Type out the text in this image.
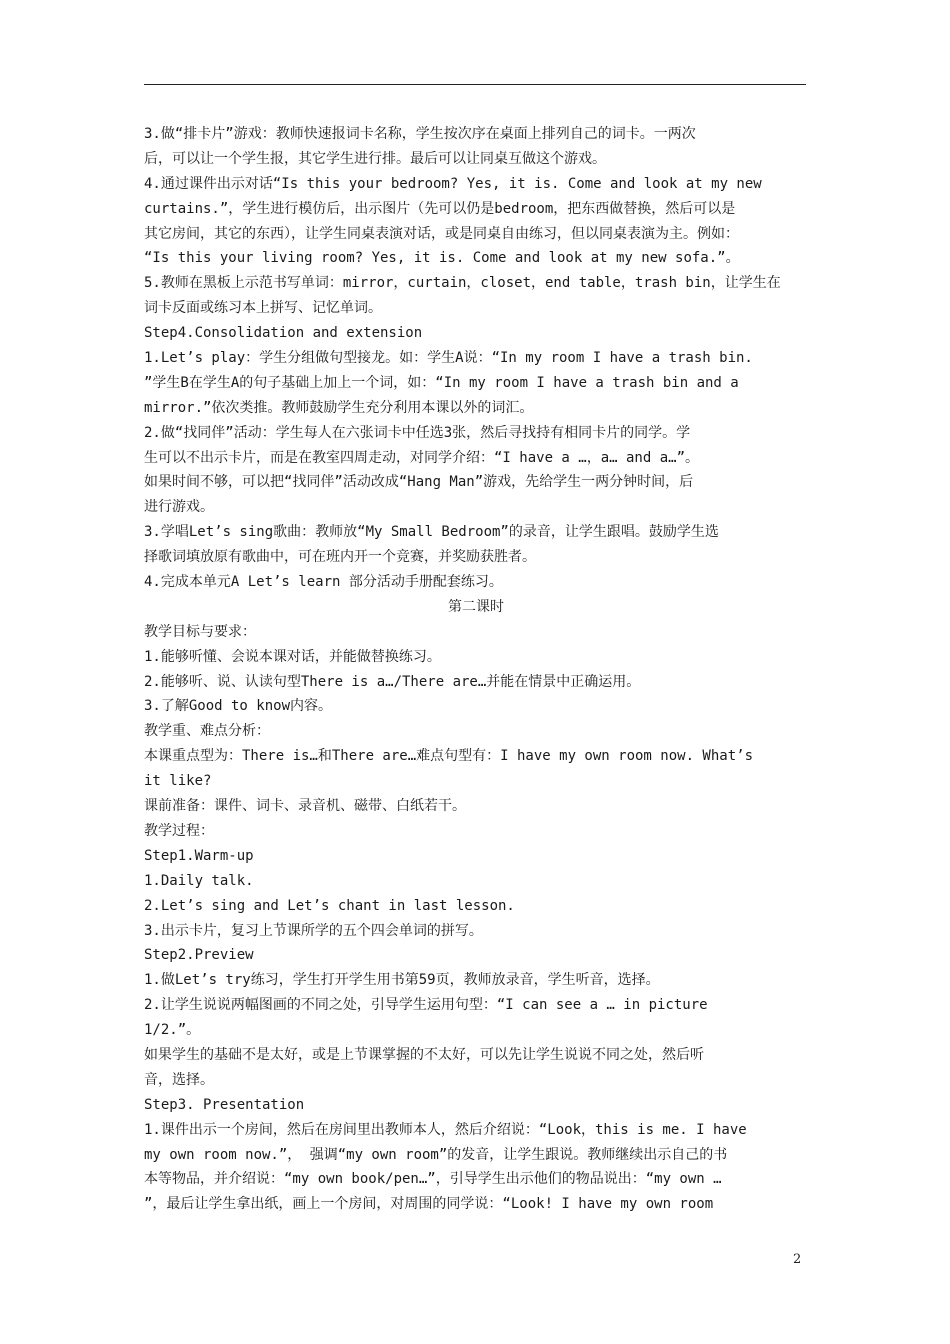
3.做“排卡片”游戏：教师快速报词卡名称，学生按次序在桌面上排列自己的词卡。一两次
后，可以让一个学生报，其它学生进行排。最后可以让同桌互做这个游戏。
4.通过课件出示对话“Is this your bedroom? Yes, it is. Come and look at my new
curtains.”，学生进行模仿后，出示图片（先可以仍是bedroom，把东西做替换，然后可以是
其它房间，其它的东西），让学生同桌表演对话，或是同桌自由练习，但以同桌表演为主。例如：
“Is this your living room? Yes, it is. Come and look at my new sofa.”。
5.教师在黑板上示范书写单词：mirror，curtain，closet，end table，trash bin，让学生在
词卡反面或练习本上拼写、记忆单词。
Step4.Consolidation and extension
1.Let’s play：学生分组做句型接龙。如：学生A说：“In my room I have a trash bin.
”学生B在学生A的句子基础上加上一个词，如：“In my room I have a trash bin and a
mirror.”依次类推。教师鼓励学生充分利用本课以外的词汇。
2.做“找同伴”活动：学生每人在六张词卡中任选3张，然后寻找持有相同卡片的同学。学
生可以不出示卡片，而是在教室四周走动，对同学介绍：“I have a …，a… and a…”。
如果时间不够，可以把“找同伴”活动改成“Hang Man”游戏，先给学生一两分钟时间，后
进行游戏。
3.学唱Let’s sing歌曲：教师放“My Small Bedroom”的录音，让学生跟唱。鼓励学生选
择歌词填放原有歌曲中，可在班内开一个竞赛，并奖励获胜者。
4.完成本单元A Let’s learn 部分活动手册配套练习。
第二课时
教学目标与要求：
1.能够听懂、会说本课对话，并能做替换练习。
2.能够听、说、认读句型There is a…/There are…并能在情景中正确运用。
3.了解Good to know内容。
教学重、难点分析：
本课重点型为：There is…和There are…难点句型有：I have my own room now. What’s
it like?
课前准备：课件、词卡、录音机、磁带、白纸若干。
教学过程：
Step1.Warm-up
1.Daily talk.
2.Let’s sing and Let’s chant in last lesson.
3.出示卡片，复习上节课所学的五个四会单词的拼写。
Step2.Preview
1.做Let’s try练习，学生打开学生用书第59页，教师放录音，学生听音，选择。
2.让学生说说两幅图画的不同之处，引导学生运用句型：“I can see a … in picture
1/2.”。
如果学生的基础不是太好，或是上节课掌握的不太好，可以先让学生说说不同之处，然后听
音，选择。
Step3. Presentation
1.课件出示一个房间，然后在房间里出教师本人，然后介绍说：“Look，this is me. I have
my own room now.”， 强调“my own room”的发音，让学生跟说。教师继续出示自己的书
本等物品，并介绍说：“my own book/pen…”，引导学生出示他们的物品说出：“my own …
”，最后让学生拿出纸，画上一个房间，对周围的同学说：“Look! I have my own room
2
